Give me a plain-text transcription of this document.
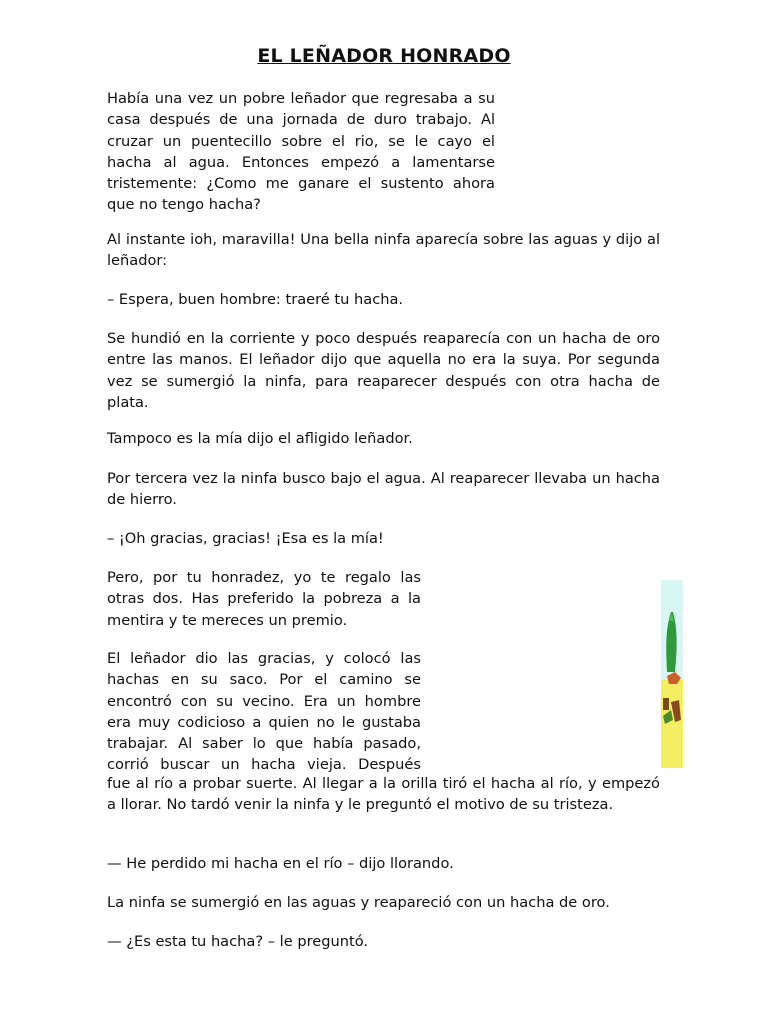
EL LEÑADOR HONRADO

Había una vez un pobre leñador que regresaba a su casa después de una jornada de duro trabajo. Al cruzar un puentecillo sobre el rio, se le cayo el hacha al agua. Entonces empezó a lamentarse tristemente: ¿Como me ganare el sustento ahora que no tengo hacha?

Al instante ioh, maravilla! Una bella ninfa aparecía sobre las aguas y dijo al leñador:

– Espera, buen hombre: traeré tu hacha.

Se hundió en la corriente y poco después reaparecía con un hacha de oro entre las manos. El leñador dijo que aquella no era la suya. Por segunda vez se sumergió la ninfa, para reaparecer después con otra hacha de plata.

Tampoco es la mía dijo el afligido leñador.

Por tercera vez la ninfa busco bajo el agua. Al reaparecer llevaba un hacha de hierro.

– ¡Oh gracias, gracias! ¡Esa es la mía!

Pero, por tu honradez, yo te regalo las otras dos. Has preferido la pobreza a la mentira y te mereces un premio.

El leñador dio las gracias, y colocó las hachas en su saco. Por el camino se encontró con su vecino. Era un hombre era muy codicioso a quien no le gustaba trabajar. Al saber lo que había pasado, corrió buscar un hacha vieja. Después

fue al río a probar suerte. Al llegar a la orilla tiró el hacha al río, y empezó a llorar. No tardó venir la ninfa y le preguntó el motivo de su tristeza.

— He perdido mi hacha en el río – dijo llorando.

La ninfa se sumergió en las aguas y reapareció con un hacha de oro.

— ¿Es esta tu hacha? – le preguntó.
